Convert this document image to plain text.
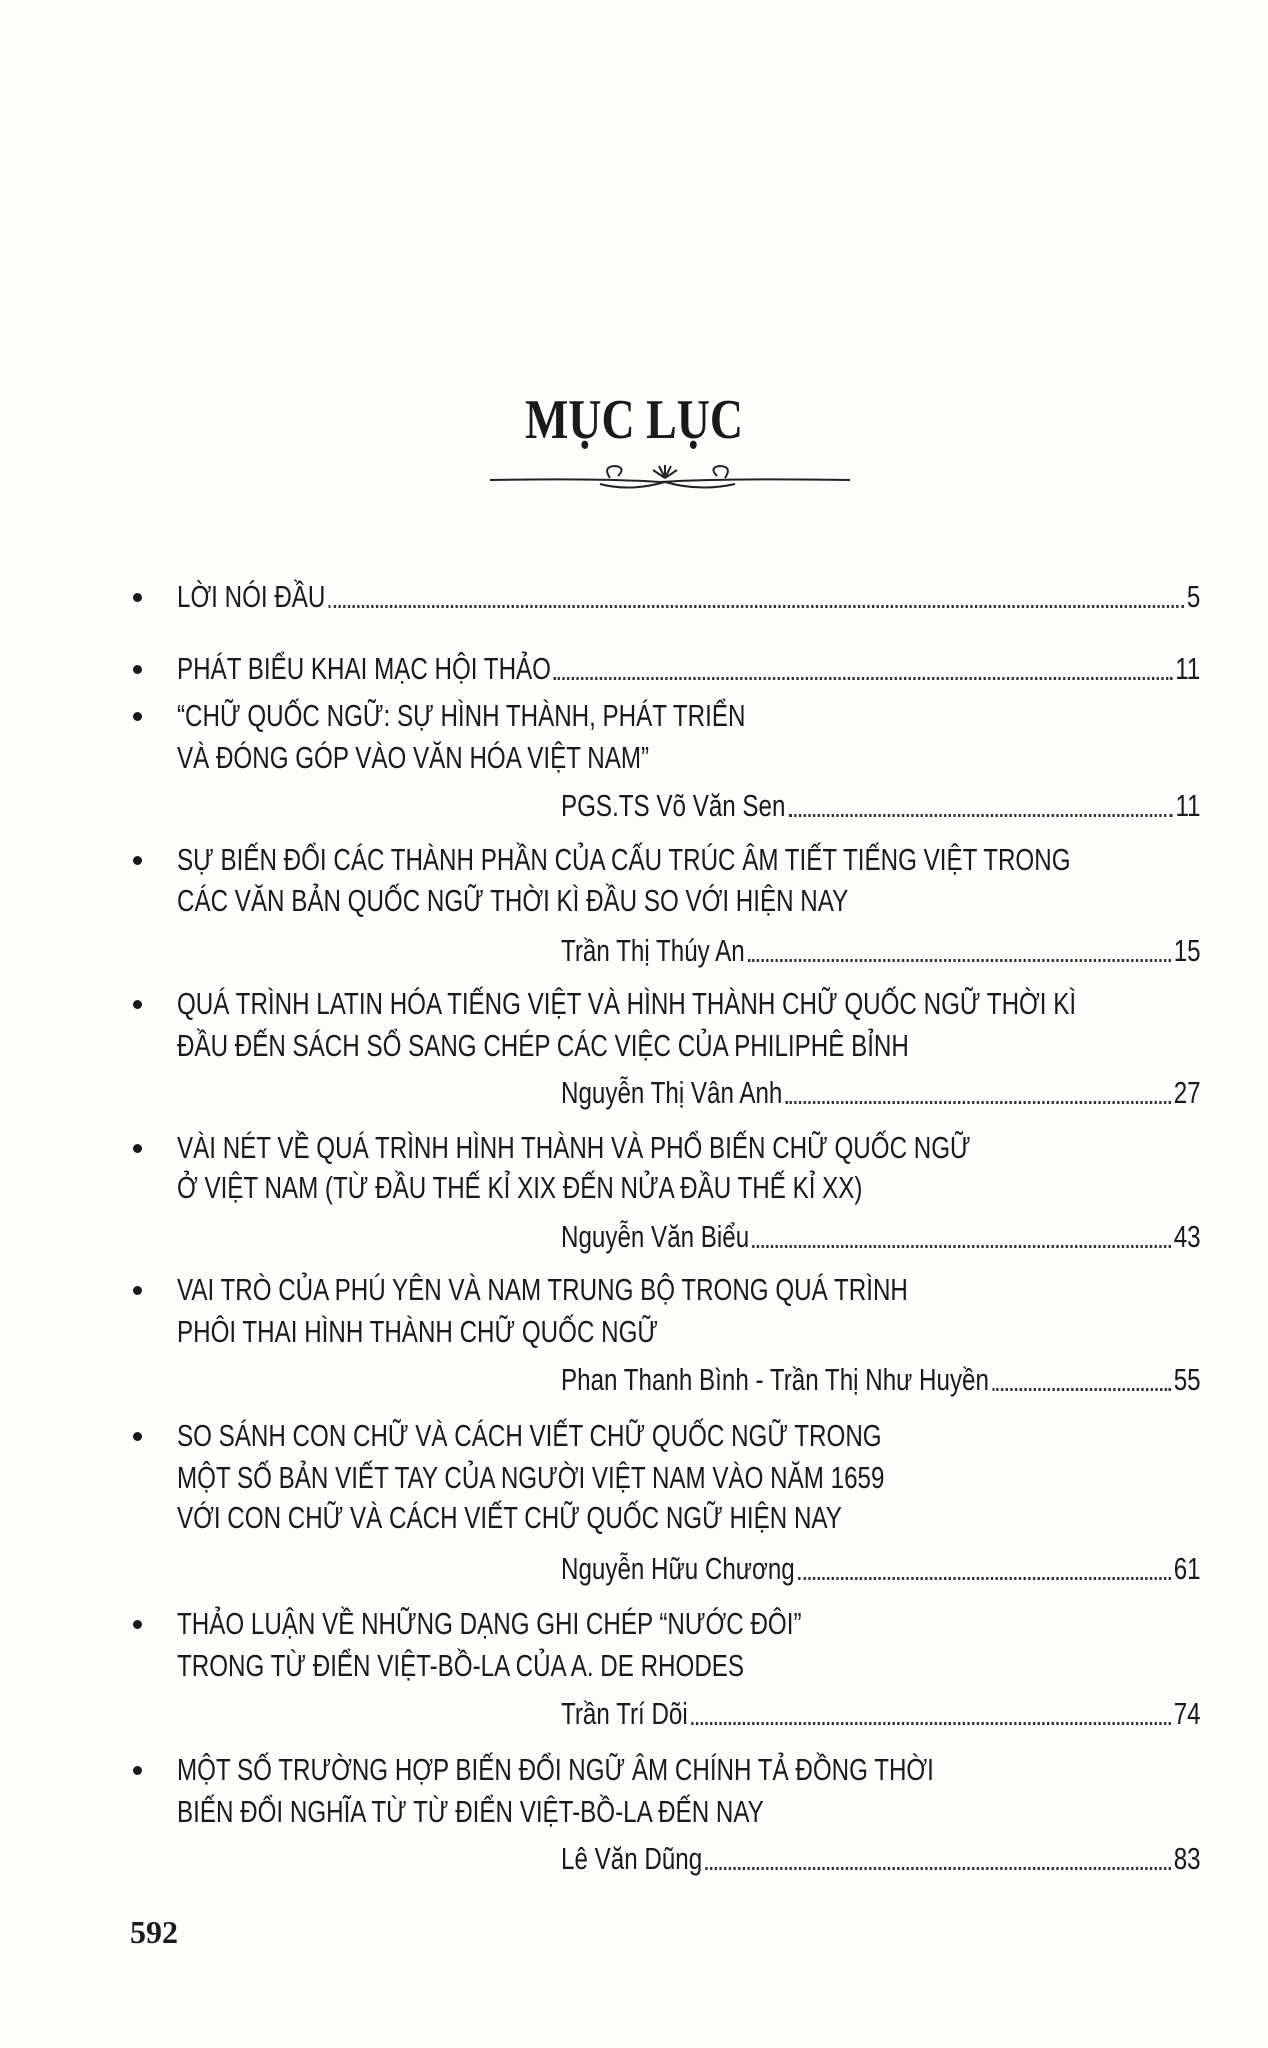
MỤC LỤC
LỜI NÓI ĐẦU	5
PHÁT BIỂU KHAI MẠC HỘI THẢO	11
“CHỮ QUỐC NGỮ: SỰ HÌNH THÀNH, PHÁT TRIỂN
VÀ ĐÓNG GÓP VÀO VĂN HÓA VIỆT NAM”
PGS.TS Võ Văn Sen	11
SỰ BIẾN ĐỔI CÁC THÀNH PHẦN CỦA CẤU TRÚC ÂM TIẾT TIẾNG VIỆT TRONG
CÁC VĂN BẢN QUỐC NGỮ THỜI KÌ ĐẦU SO VỚI HIỆN NAY
Trần Thị Thúy An	15
QUÁ TRÌNH LATIN HÓA TIẾNG VIỆT VÀ HÌNH THÀNH CHỮ QUỐC NGỮ THỜI KÌ
ĐẦU ĐẾN SÁCH SỔ SANG CHÉP CÁC VIỆC CỦA PHILIPHÊ BỈNH
Nguyễn Thị Vân Anh	27
VÀI NÉT VỀ QUÁ TRÌNH HÌNH THÀNH VÀ PHỔ BIẾN CHỮ QUỐC NGỮ
Ở VIỆT NAM (TỪ ĐẦU THẾ KỈ XIX ĐẾN NỬA ĐẦU THẾ KỈ XX)
Nguyễn Văn Biểu	43
VAI TRÒ CỦA PHÚ YÊN VÀ NAM TRUNG BỘ TRONG QUÁ TRÌNH
PHÔI THAI HÌNH THÀNH CHỮ QUỐC NGỮ
Phan Thanh Bình - Trần Thị Như Huyền	55
SO SÁNH CON CHỮ VÀ CÁCH VIẾT CHỮ QUỐC NGỮ TRONG
MỘT SỐ BẢN VIẾT TAY CỦA NGƯỜI VIỆT NAM VÀO NĂM 1659
VỚI CON CHỮ VÀ CÁCH VIẾT CHỮ QUỐC NGỮ HIỆN NAY
Nguyễn Hữu Chương	61
THẢO LUẬN VỀ NHỮNG DẠNG GHI CHÉP “NƯỚC ĐÔI”
TRONG TỪ ĐIỂN VIỆT-BỒ-LA CỦA A. DE RHODES
Trần Trí Dõi	74
MỘT SỐ TRƯỜNG HỢP BIẾN ĐỔI NGỮ ÂM CHÍNH TẢ ĐỒNG THỜI
BIẾN ĐỔI NGHĨA TỪ TỪ ĐIỂN VIỆT-BỒ-LA ĐẾN NAY
Lê Văn Dũng	83
592
